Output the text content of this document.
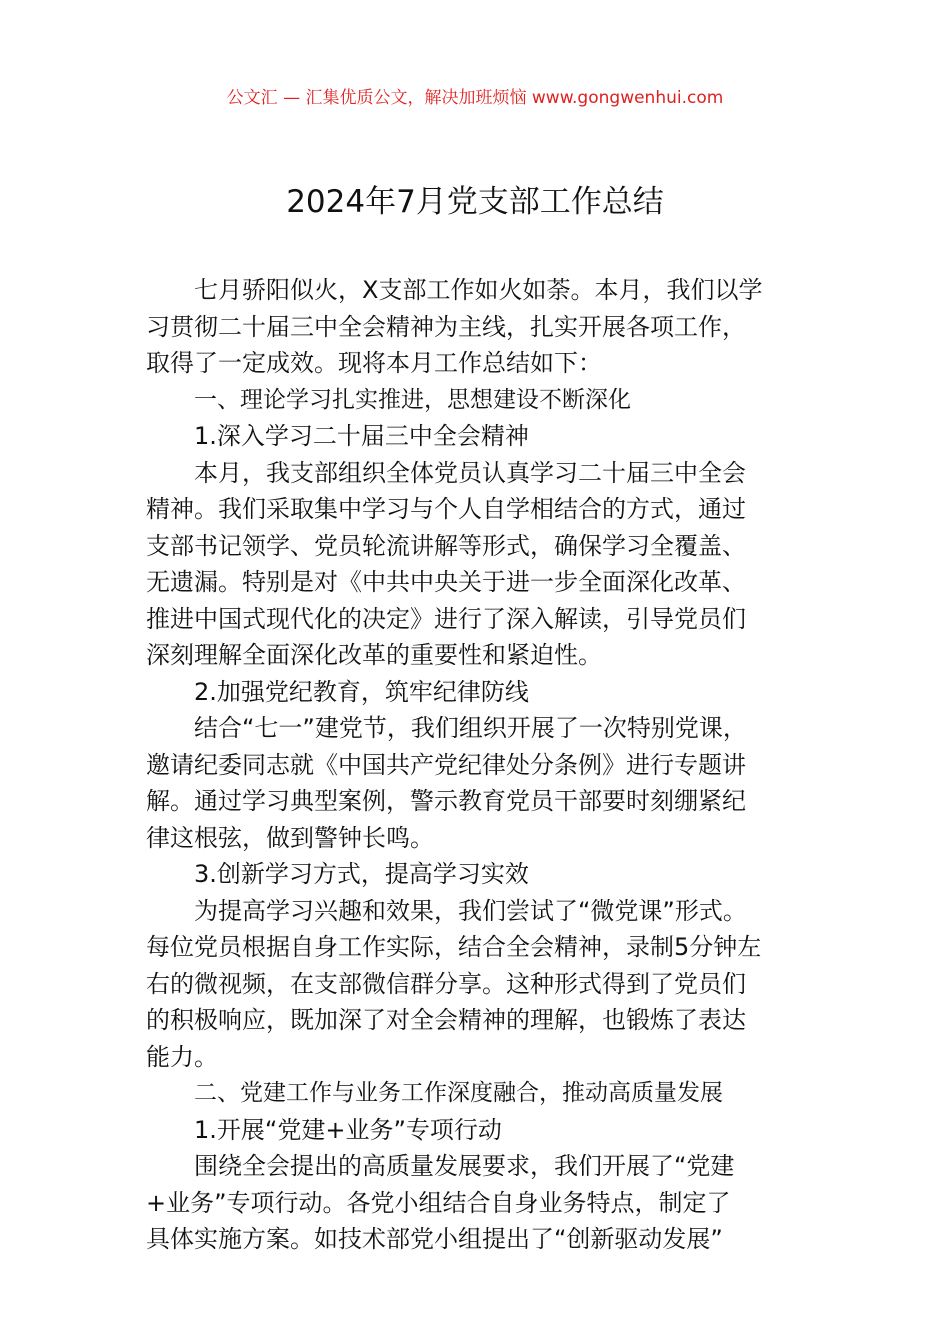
公文汇 — 汇集优质公文，解决加班烦恼 www.gongwenhui.com
2024年7月党支部工作总结
七月骄阳似火，X支部工作如火如荼。本月，我们以学
习贯彻二十届三中全会精神为主线，扎实开展各项工作，
取得了一定成效。现将本月工作总结如下：
一、理论学习扎实推进，思想建设不断深化
1.深入学习二十届三中全会精神
本月，我支部组织全体党员认真学习二十届三中全会
精神。我们采取集中学习与个人自学相结合的方式，通过
支部书记领学、党员轮流讲解等形式，确保学习全覆盖、
无遗漏。特别是对《中共中央关于进一步全面深化改革、
推进中国式现代化的决定》进行了深入解读，引导党员们
深刻理解全面深化改革的重要性和紧迫性。
2.加强党纪教育，筑牢纪律防线
结合“七一”建党节，我们组织开展了一次特别党课，
邀请纪委同志就《中国共产党纪律处分条例》进行专题讲
解。通过学习典型案例，警示教育党员干部要时刻绷紧纪
律这根弦，做到警钟长鸣。
3.创新学习方式，提高学习实效
为提高学习兴趣和效果，我们尝试了“微党课”形式。
每位党员根据自身工作实际，结合全会精神，录制5分钟左
右的微视频，在支部微信群分享。这种形式得到了党员们
的积极响应，既加深了对全会精神的理解，也锻炼了表达
能力。
二、党建工作与业务工作深度融合，推动高质量发展
1.开展“党建+业务”专项行动
围绕全会提出的高质量发展要求，我们开展了“党建
+业务”专项行动。各党小组结合自身业务特点，制定了
具体实施方案。如技术部党小组提出了“创新驱动发展”
